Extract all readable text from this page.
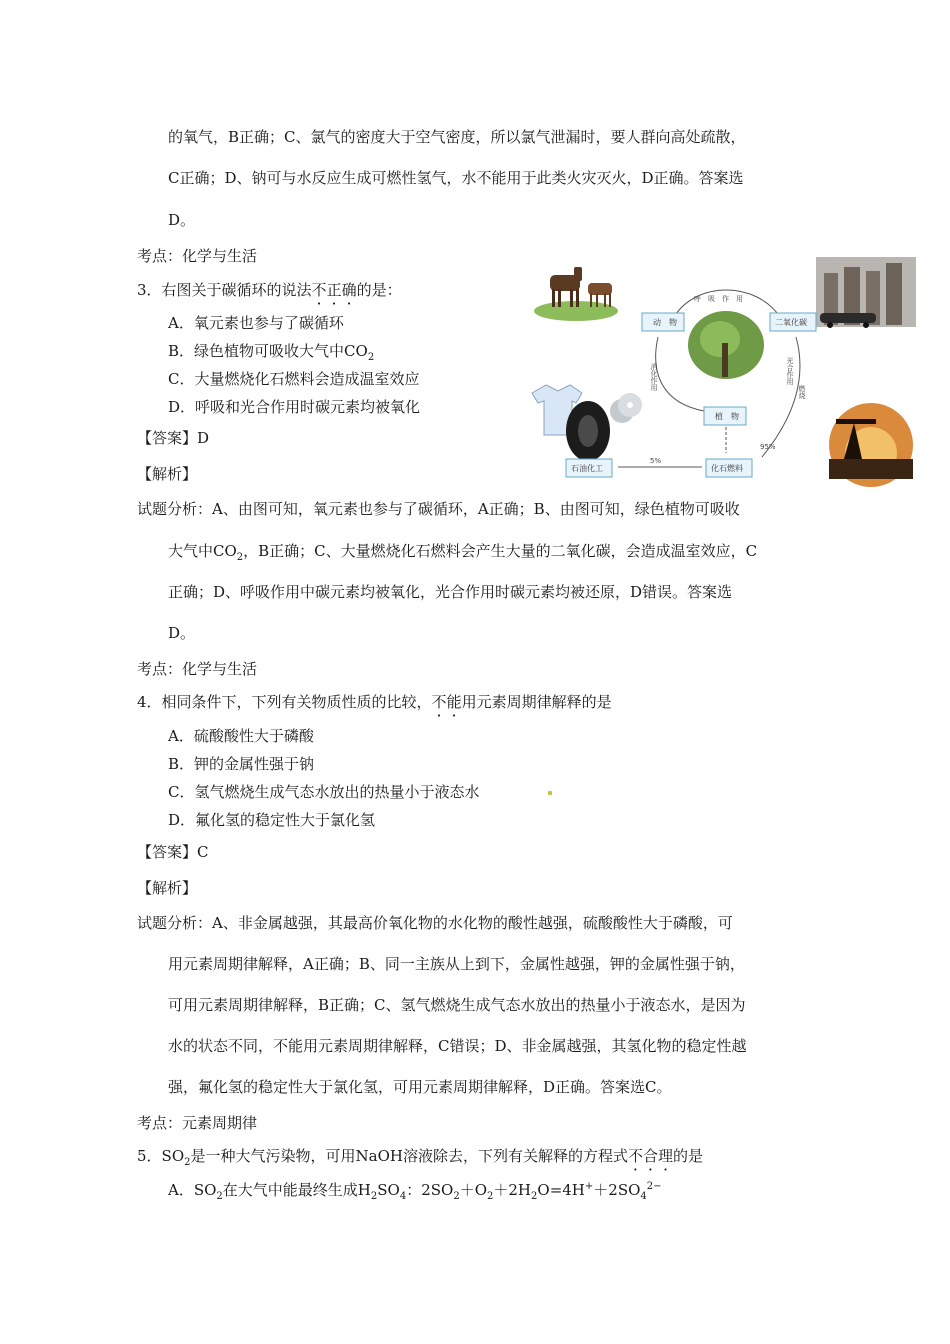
的氧气，B正确；C、氯气的密度大于空气密度，所以氯气泄漏时，要人群向高处疏散，
C正确；D、钠可与水反应生成可燃性氢气，水不能用于此类火灾灭火，D正确。答案选
D。
考点：化学与生活
3．右图关于碳循环的说法不正确的是：
A．氧元素也参与了碳循环
B．绿色植物可吸收大气中$CO_2$
C．大量燃烧化石燃料会造成温室效应
D．呼吸和光合作用时碳元素均被氧化
【答案】D
【解析】
试题分析：A、由图可知，氧元素也参与了碳循环，A正确；B、由图可知，绿色植物可吸收
大气中$CO_2$，B正确；C、大量燃烧化石燃料会产生大量的二氧化碳，会造成温室效应，C
正确；D、呼吸作用中碳元素均被氧化，光合作用时碳元素均被还原，D错误。答案选
D。
考点：化学与生活
动　物	二氧化碳
植　物
化石燃料
石油化工
呼　吸　作　用
消化作用	光合作用
燃烧
5%
95%
4．相同条件下，下列有关物质性质的比较，不能用元素周期律解释的是
A．硫酸酸性大于磷酸
B．钾的金属性强于钠
C．氢气燃烧生成气态水放出的热量小于液态水
D．氟化氢的稳定性大于氯化氢
【答案】C
【解析】
试题分析：A、非金属越强，其最高价氧化物的水化物的酸性越强，硫酸酸性大于磷酸，可
用元素周期律解释，A正确；B、同一主族从上到下，金属性越强，钾的金属性强于钠，
可用元素周期律解释，B正确；C、氢气燃烧生成气态水放出的热量小于液态水，是因为
水的状态不同，不能用元素周期律解释，C错误；D、非金属越强，其氢化物的稳定性越
强，氟化氢的稳定性大于氯化氢，可用元素周期律解释，D正确。答案选C。
考点：元素周期律
5．$SO_2$是一种大气污染物，可用NaOH溶液除去，下列有关解释的方程式不合理的是
A．$SO_2$在大气中能最终生成$H_2SO_4$：$2SO_2+O_2+2H_2O=4H^++2SO_4^{2-}$
